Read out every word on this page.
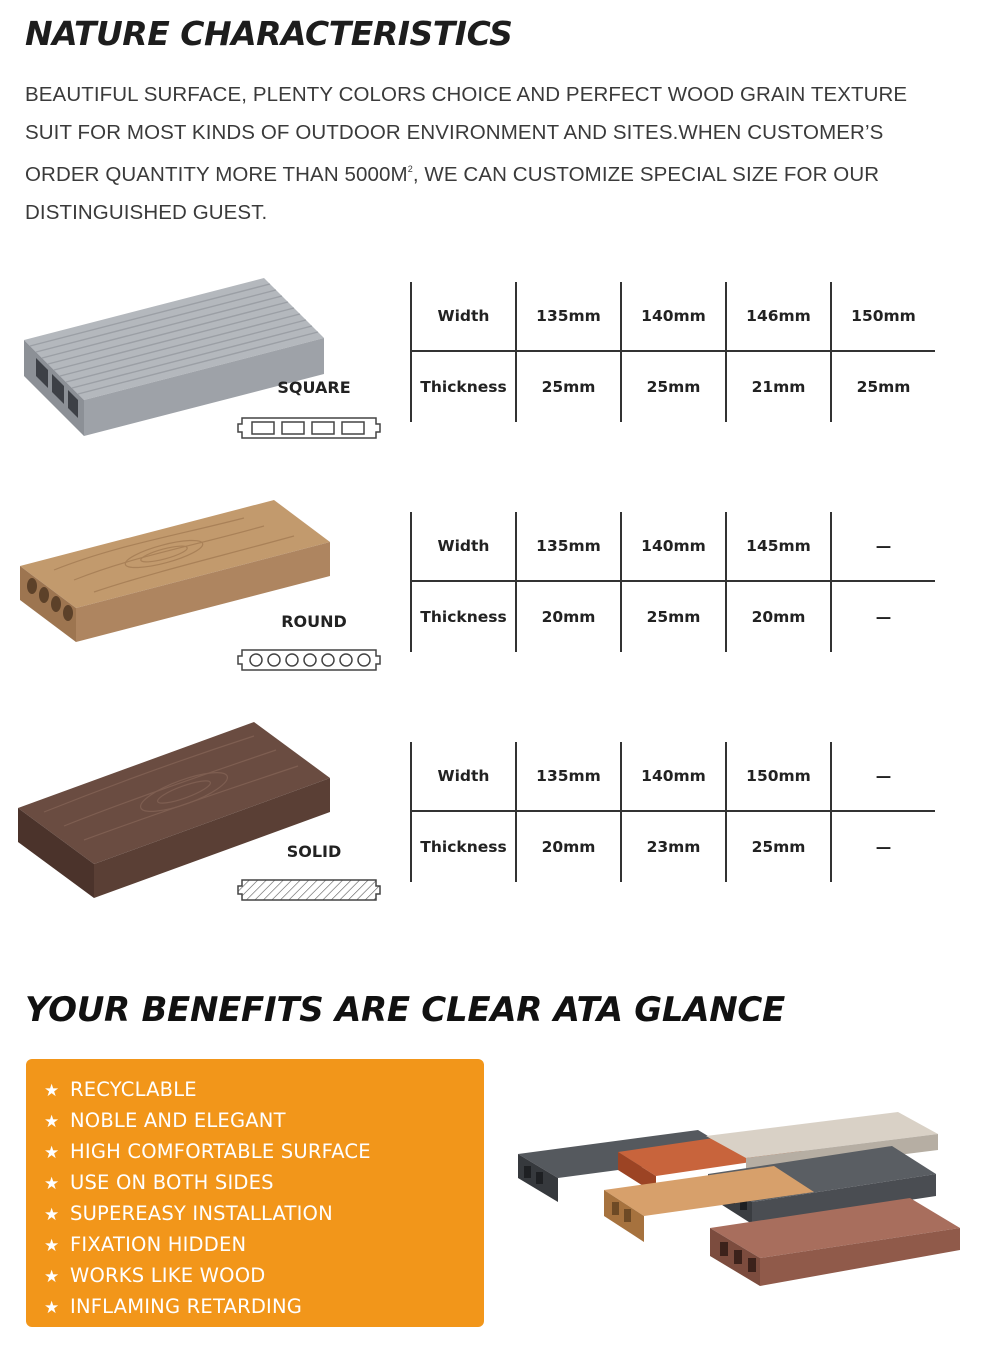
NATURE CHARACTERISTICS

BEAUTIFUL SURFACE, PLENTY COLORS CHOICE AND PERFECT WOOD GRAIN TEXTURE

SUIT FOR MOST KINDS OF OUTDOOR ENVIRONMENT AND SITES.WHEN CUSTOMER’S

ORDER QUANTITY MORE THAN $5000M^2$, WE CAN CUSTOMIZE SPECIAL SIZE FOR OUR

DISTINGUISHED GUEST.

SQUARE
Width	135mm	140mm	146mm	150mm
Thickness	25mm	25mm	21mm	25mm
ROUND
Width	135mm	140mm	145mm	—
Thickness	20mm	25mm	20mm	—
SOLID
Width	135mm	140mm	150mm	—
Thickness	20mm	23mm	25mm	—
YOUR BENEFITS ARE CLEAR ATA GLANCE
★ RECYCLABLE
★ NOBLE AND ELEGANT
★ HIGH COMFORTABLE SURFACE
★ USE ON BOTH SIDES
★ SUPEREASY INSTALLATION
★ FIXATION HIDDEN
★ WORKS LIKE WOOD
★ INFLAMING RETARDING
